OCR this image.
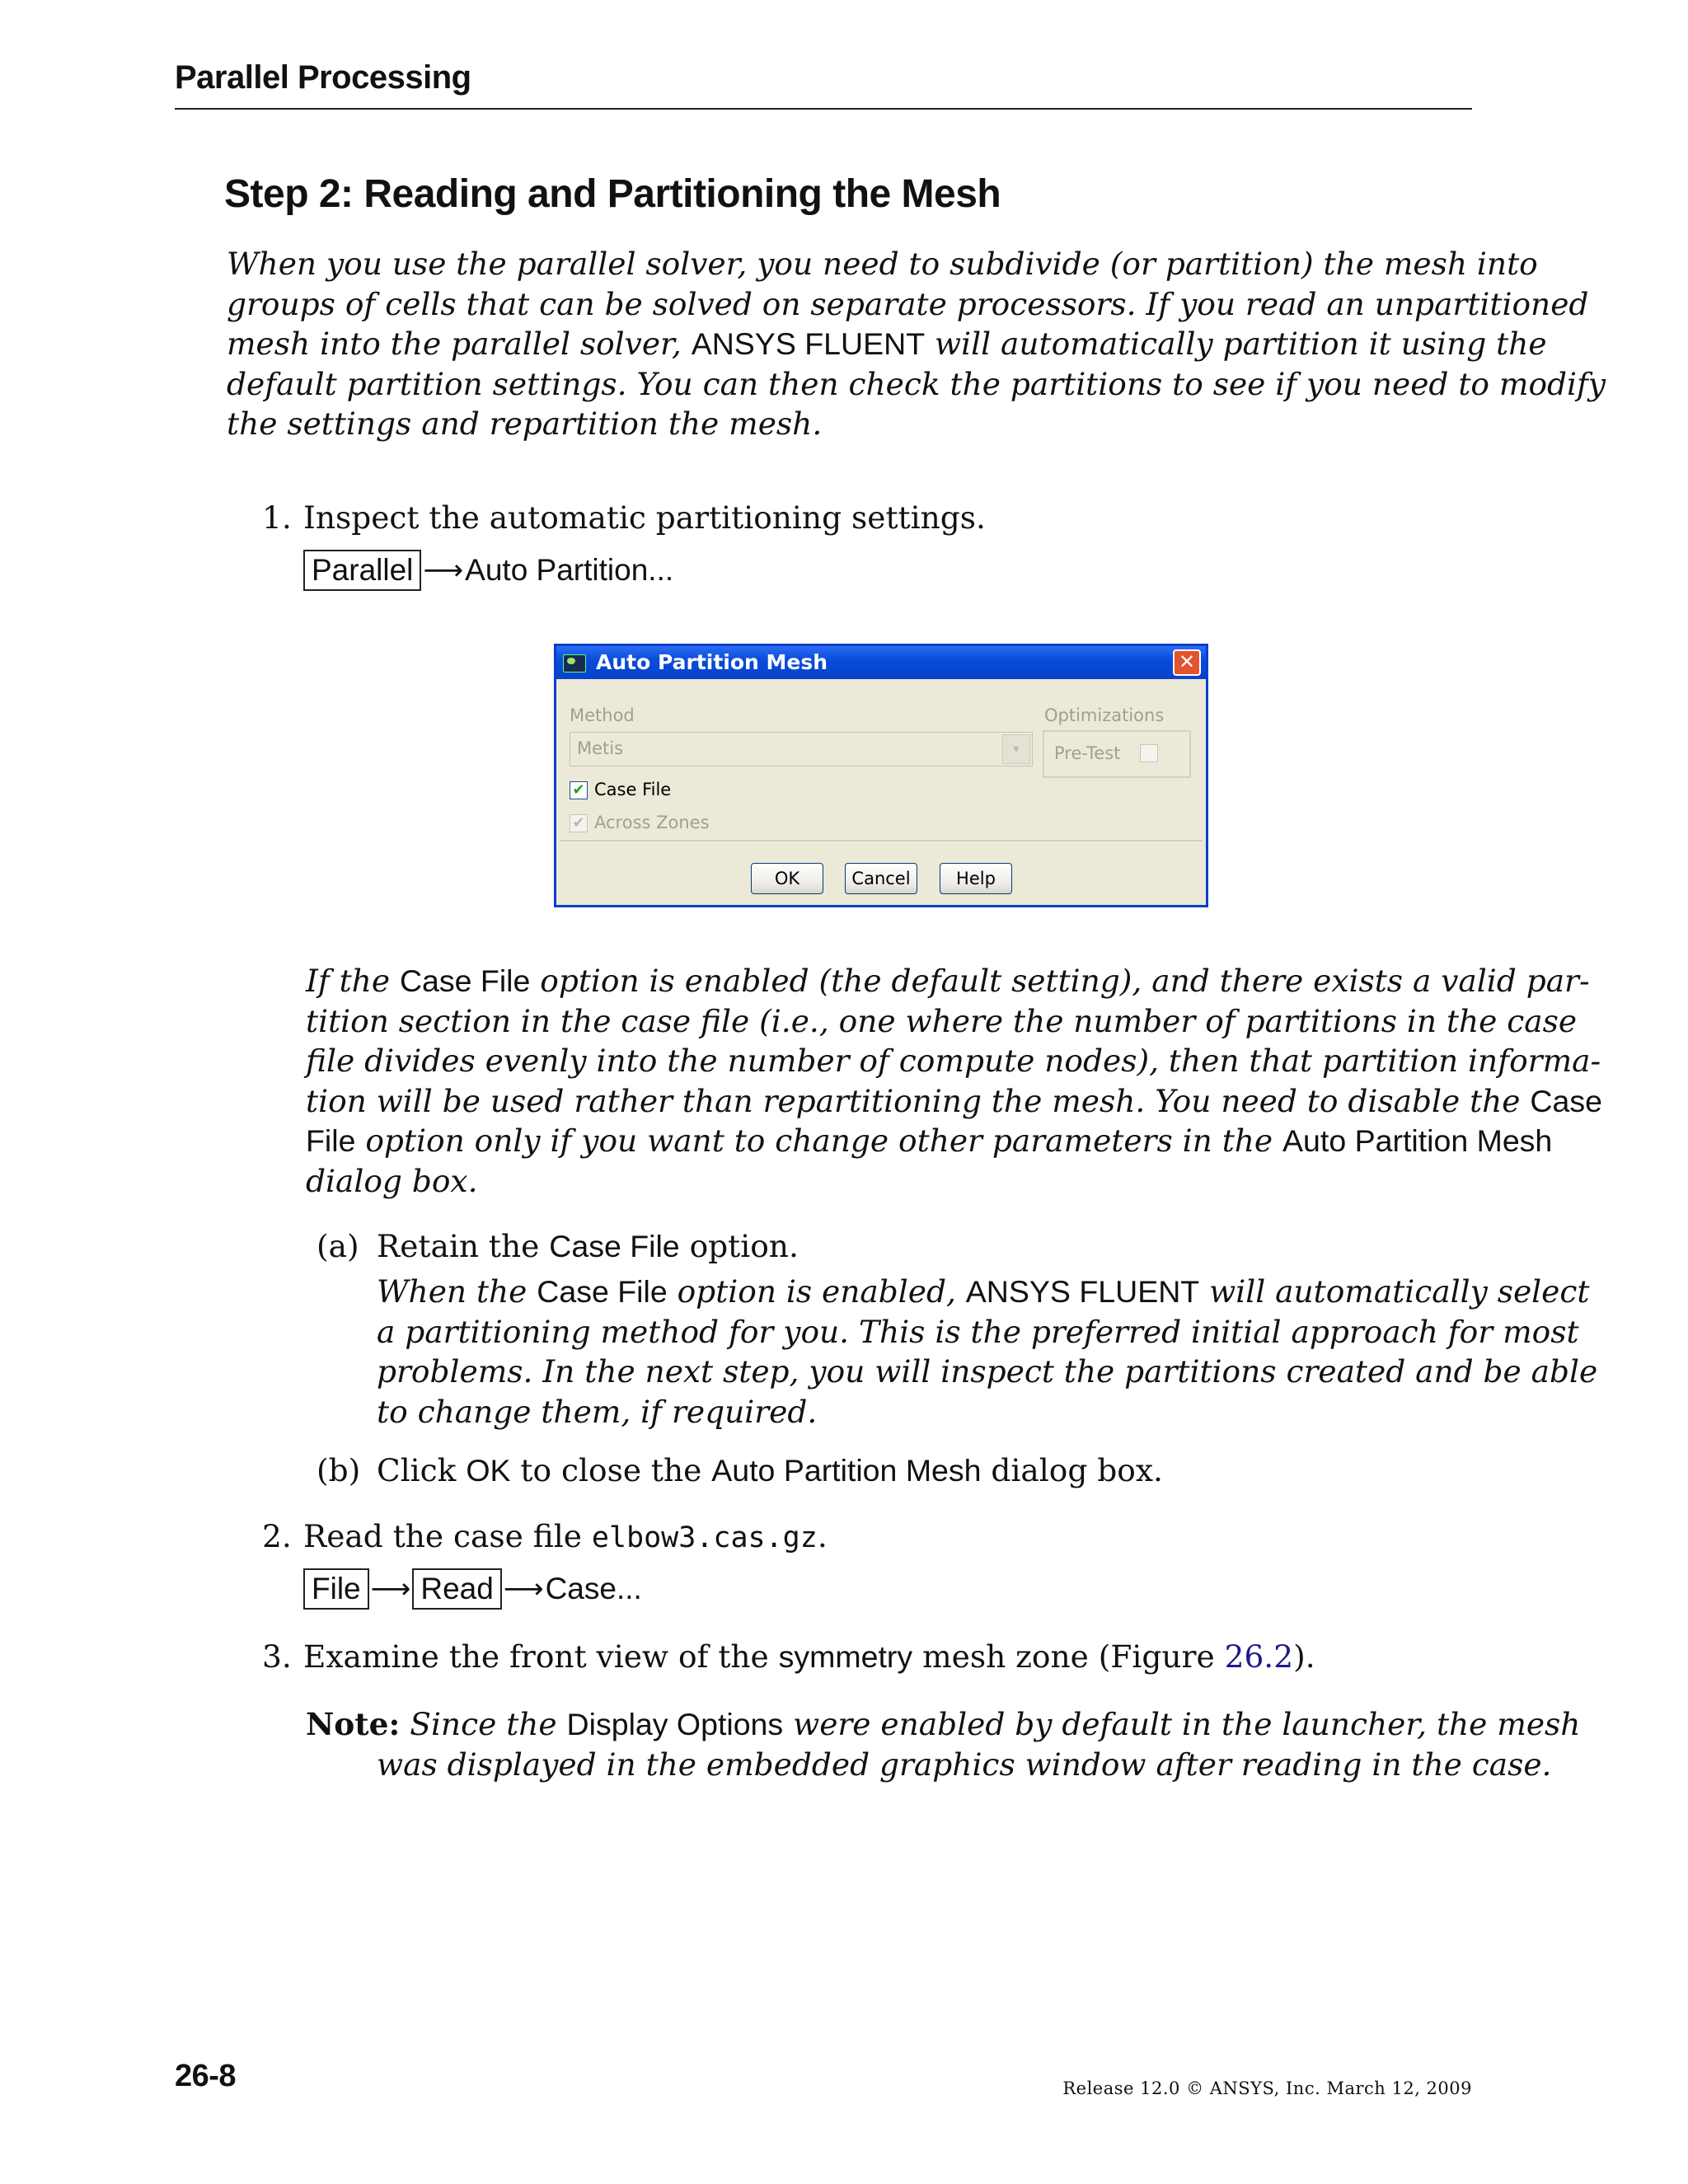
Parallel Processing
Step 2: Reading and Partitioning the Mesh
When you use the parallel solver, you need to subdivide (or partition) the mesh into
groups of cells that can be solved on separate processors. If you read an unpartitioned
mesh into the parallel solver, ANSYS FLUENT will automatically partition it using the
default partition settings. You can then check the partitions to see if you need to modify
the settings and repartition the mesh.
1. Inspect the automatic partitioning settings.
Parallel ⟶ Auto Partition...
Auto Partition Mesh	✕
Method
Metis	▾
Optimizations
Pre-Test
✔ Case File
✔ Across Zones
OK	Cancel	Help
If the Case File option is enabled (the default setting), and there exists a valid par-
tition section in the case file (i.e., one where the number of partitions in the case
file divides evenly into the number of compute nodes), then that partition informa-
tion will be used rather than repartitioning the mesh. You need to disable the Case
File option only if you want to change other parameters in the Auto Partition Mesh
dialog box.
(a) Retain the Case File option.
When the Case File option is enabled, ANSYS FLUENT will automatically select
a partitioning method for you. This is the preferred initial approach for most
problems. In the next step, you will inspect the partitions created and be able
to change them, if required.
(b) Click OK to close the Auto Partition Mesh dialog box.
2. Read the case file elbow3.cas.gz.
File ⟶ Read ⟶ Case...
3. Examine the front view of the symmetry mesh zone (Figure 26.2).
Note: Since the Display Options were enabled by default in the launcher, the mesh
was displayed in the embedded graphics window after reading in the case.
26-8	Release 12.0 © ANSYS, Inc. March 12, 2009
